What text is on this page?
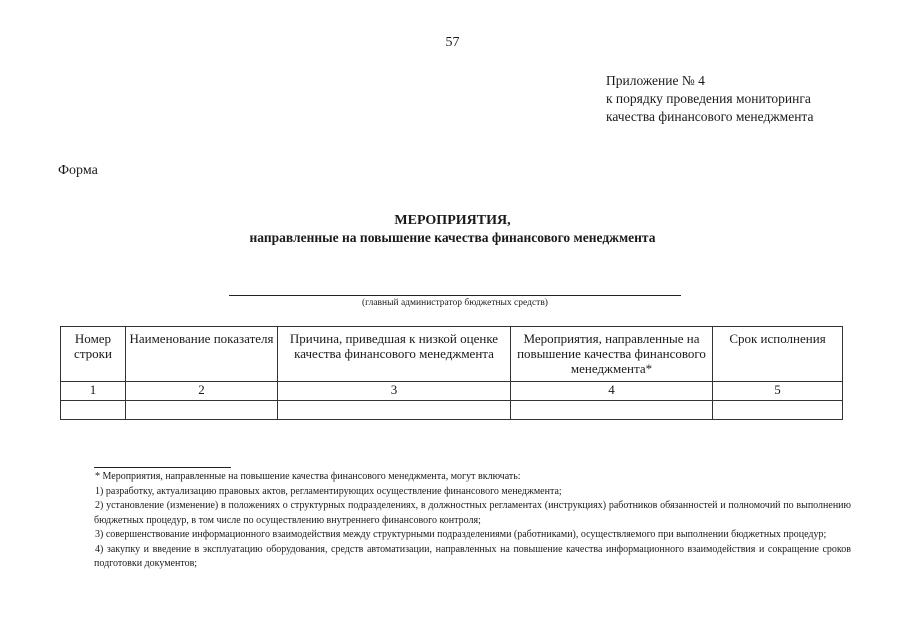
57
Приложение № 4
к порядку проведения мониторинга
качества финансового менеджмента
Форма
МЕРОПРИЯТИЯ,
направленные на повышение качества финансового менеджмента
(главный администратор бюджетных средств)
Номер строки	Наименование показателя	Причина, приведшая к низкой оценке качества финансового менеджмента	Мероприятия, направленные на повышение качества финансового менеджмента*	Срок исполнения
1	2	3	4	5

* Мероприятия, направленные на повышение качества финансового менеджмента, могут включать:

1) разработку, актуализацию правовых актов, регламентирующих осуществление финансового менеджмента;

2) установление (изменение) в положениях о структурных подразделениях, в должностных регламентах (инструкциях) работников обязанностей и полномочий по выполнению бюджетных процедур, в том числе по осуществлению внутреннего финансового контроля;

3) совершенствование информационного взаимодействия между структурными подразделениями (работниками), осуществляемого при выполнении бюджетных процедур;

4) закупку и введение в эксплуатацию оборудования, средств автоматизации, направленных на повышение качества информационного взаимодействия и сокращение сроков подготовки документов;
